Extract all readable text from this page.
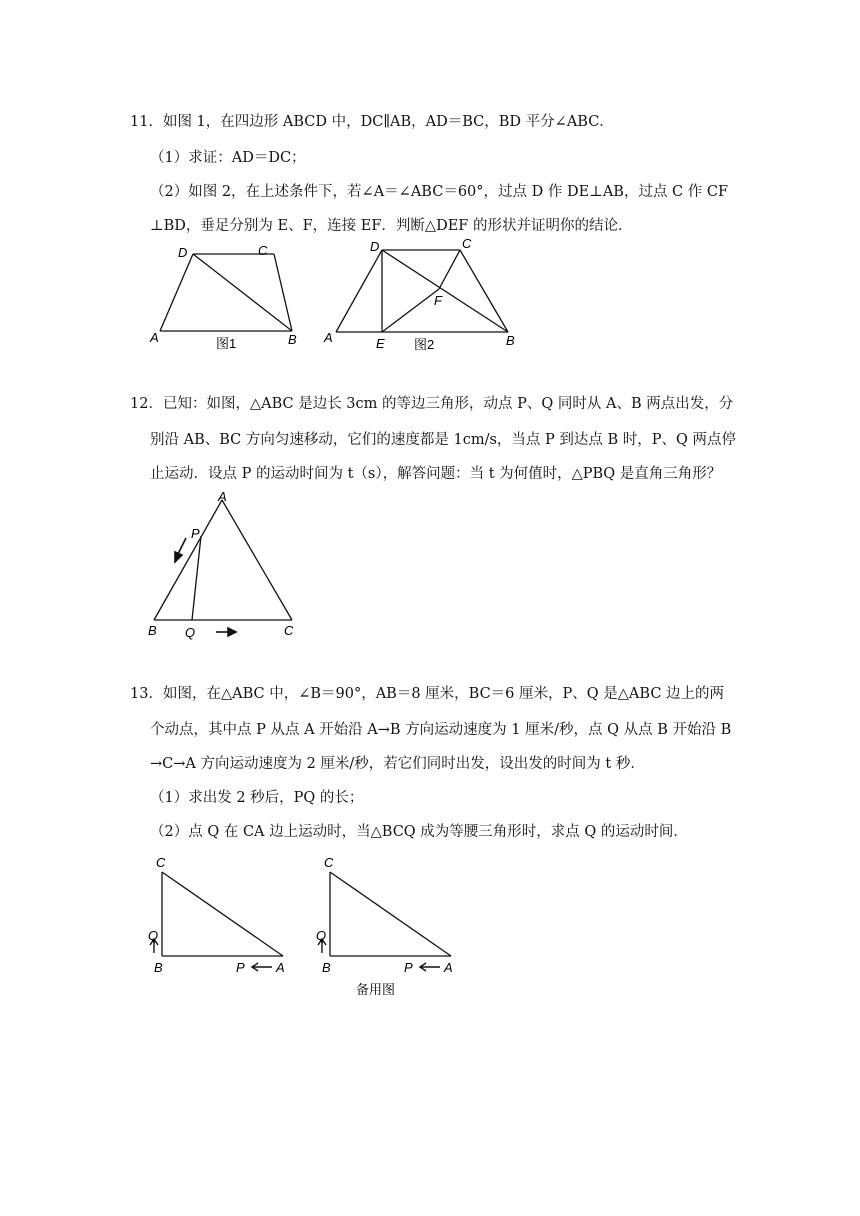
11．如图 1，在四边形 ABCD 中，DC∥AB，AD＝BC，BD 平分∠ABC．
（1）求证：AD＝DC；
（2）如图 2，在上述条件下，若∠A＝∠ABC＝60°，过点 D 作 DE⊥AB，过点 C 作 CF
⊥BD，垂足分别为 E、F，连接 EF．判断△DEF 的形状并证明你的结论．
D	C
A	B
图1
D	C
F
A	E	B
图2
12．已知：如图，△ABC 是边长 3cm 的等边三角形，动点 P、Q 同时从 A、B 两点出发，分
别沿 AB、BC 方向匀速移动，它们的速度都是 1cm/s，当点 P 到达点 B 时，P、Q 两点停
止运动．设点 P 的运动时间为 t（s），解答问题：当 t 为何值时，△PBQ 是直角三角形？
A
P
B Q	C
13．如图，在△ABC 中，∠B＝90°，AB＝8 厘米，BC＝6 厘米，P、Q 是△ABC 边上的两
个动点，其中点 P 从点 A 开始沿 A→B 方向运动速度为 1 厘米/秒，点 Q 从点 B 开始沿 B
→C→A 方向运动速度为 2 厘米/秒，若它们同时出发，设出发的时间为 t 秒．
（1）求出发 2 秒后，PQ 的长；
（2）点 Q 在 CA 边上运动时，当△BCQ 成为等腰三角形时，求点 Q 的运动时间．
C
Q
B	P A
C
Q
B	P A
备用图
